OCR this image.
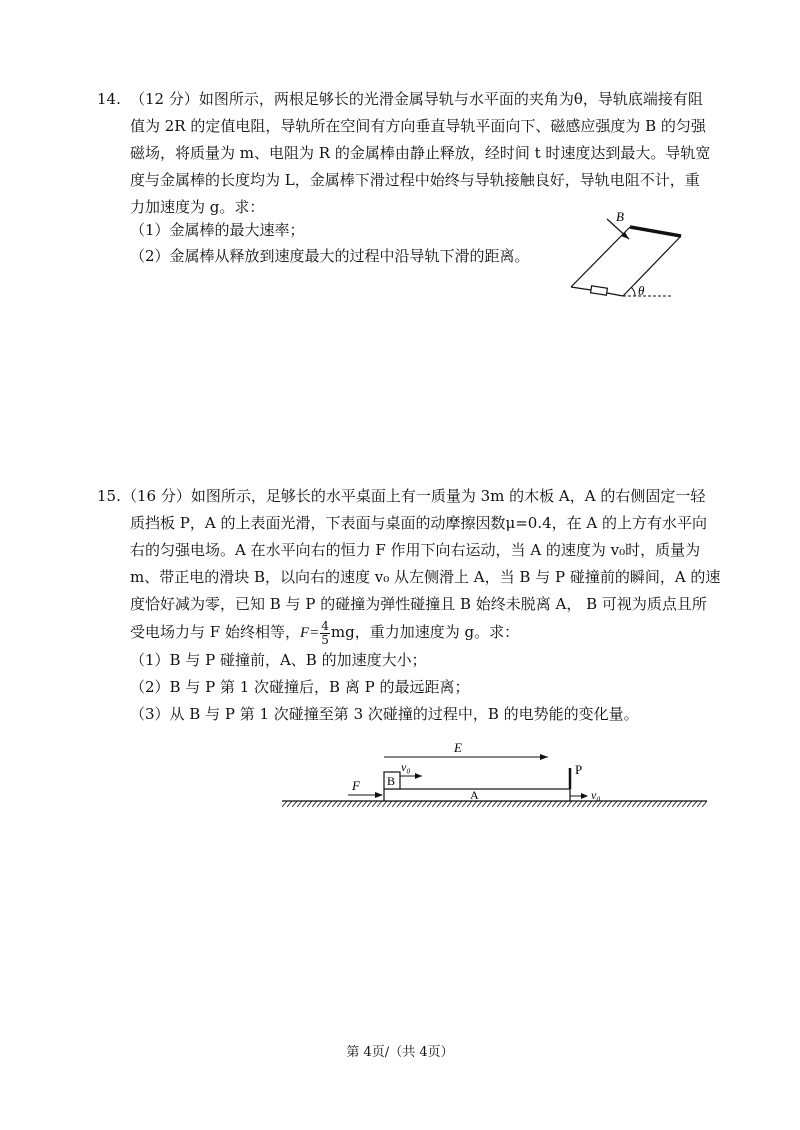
14. （12 分）如图所示，两根足够长的光滑金属导轨与水平面的夹角为θ，导轨底端接有阻
值为 2R 的定值电阻，导轨所在空间有方向垂直导轨平面向下、磁感应强度为 B 的匀强
磁场，将质量为 m、电阻为 R 的金属棒由静止释放，经时间 t 时速度达到最大。导轨宽
度与金属棒的长度均为 L，金属棒下滑过程中始终与导轨接触良好，导轨电阻不计，重
力加速度为 g。求：
（1）金属棒的最大速率；
（2）金属棒从释放到速度最大的过程中沿导轨下滑的距离。
B
θ
15. （16 分）如图所示，足够长的水平桌面上有一质量为 3m 的木板 A，A 的右侧固定一轻
质挡板 P，A 的上表面光滑，下表面与桌面的动摩擦因数μ=0.4，在 A 的上方有水平向
右的匀强电场。A 在水平向右的恒力 F 作用下向右运动，当 A 的速度为 v₀时，质量为
m、带正电的滑块 B，以向右的速度 v₀ 从左侧滑上 A，当 B 与 P 碰撞前的瞬间，A 的速
度恰好减为零，已知 B 与 P 的碰撞为弹性碰撞且 B 始终未脱离 A， B 可视为质点且所
受电场力与 F 始终相等，$F= \frac{4}{5}$ mg，重力加速度为 g。求：
（1）B 与 P 碰撞前，A、B 的加速度大小；
（2）B 与 P 第 1 次碰撞后，B 离 P 的最远距离；
（3）从 B 与 P 第 1 次碰撞至第 3 次碰撞的过程中，B 的电势能的变化量。
A
P
B
v₀
E
F
v₀
第 4页/（共 4页）
